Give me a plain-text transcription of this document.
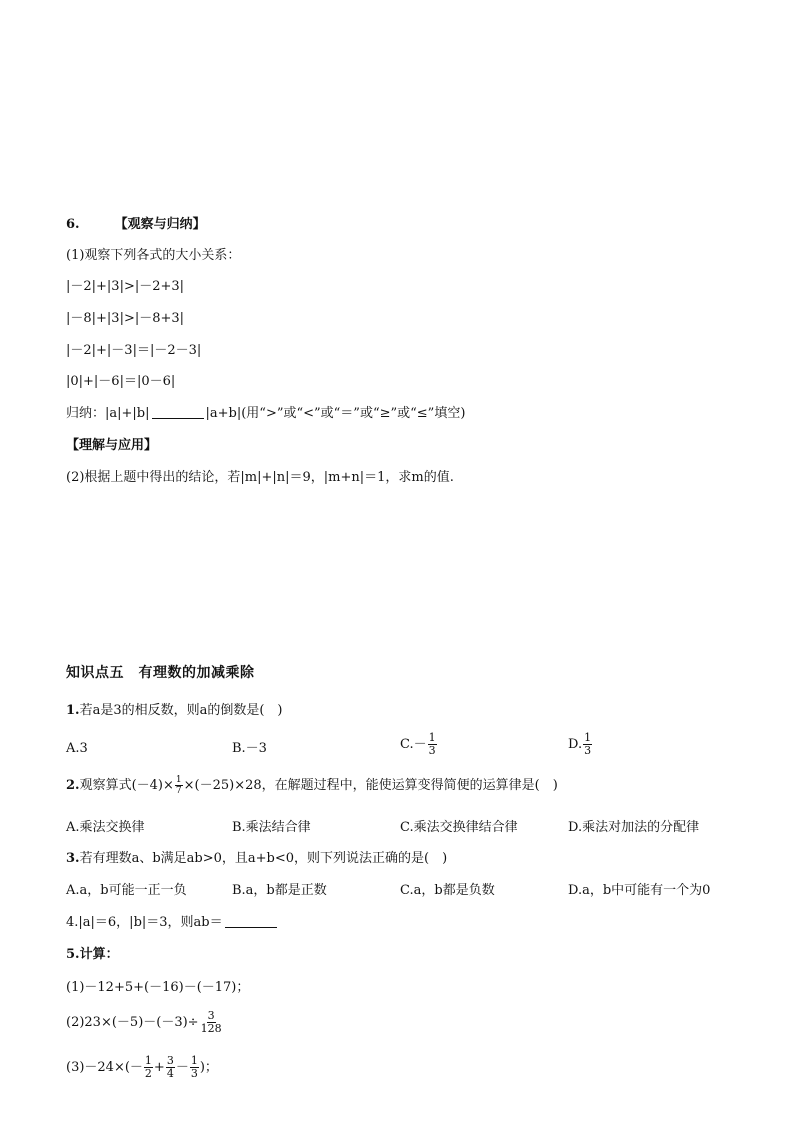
6.	【观察与归纳】
(1)观察下列各式的大小关系：
|－2|+|3|>|－2+3|
|－8|+|3|>|－8+3|
|－2|+|－3|＝|－2－3|
|0|+|－6|＝|0－6|
归纳：|a|+|b|	|a+b|(用“>”或“<”或“＝”或“≥”或“≤”填空)
【理解与应用】
(2)根据上题中得出的结论，若|m|+|n|＝9，|m+n|＝1，求m的值.
知识点五　有理数的加减乘除
1.若a是3的相反数，则a的倒数是(　)
A.3	B.－3	$C.- \frac{1}{3}$	D. $\frac{1}{3}$
2.观察算式$(-4)\times \frac{1}{7} \times(-25)\times 28$，在解题过程中，能使运算变得简便的运算律是(　)
A.乘法交换律	B.乘法结合律	C.乘法交换律结合律	D.乘法对加法的分配律
3.若有理数a、b满足ab>0，且a+b<0，则下列说法正确的是(　)
A.a，b可能一正一负	B.a，b都是正数	C.a，b都是负数	D.a，b中可能有一个为0
4.|a|＝6，|b|＝3，则ab＝
5.计算：
(1)－12+5+(－16)－(－17)；
$(2)23\times(-5)-(-3)\div \frac{3}{128}$
$(3)-24\times(- \frac{1}{2} + \frac{3}{4} - \frac{1}{3}$ )；
